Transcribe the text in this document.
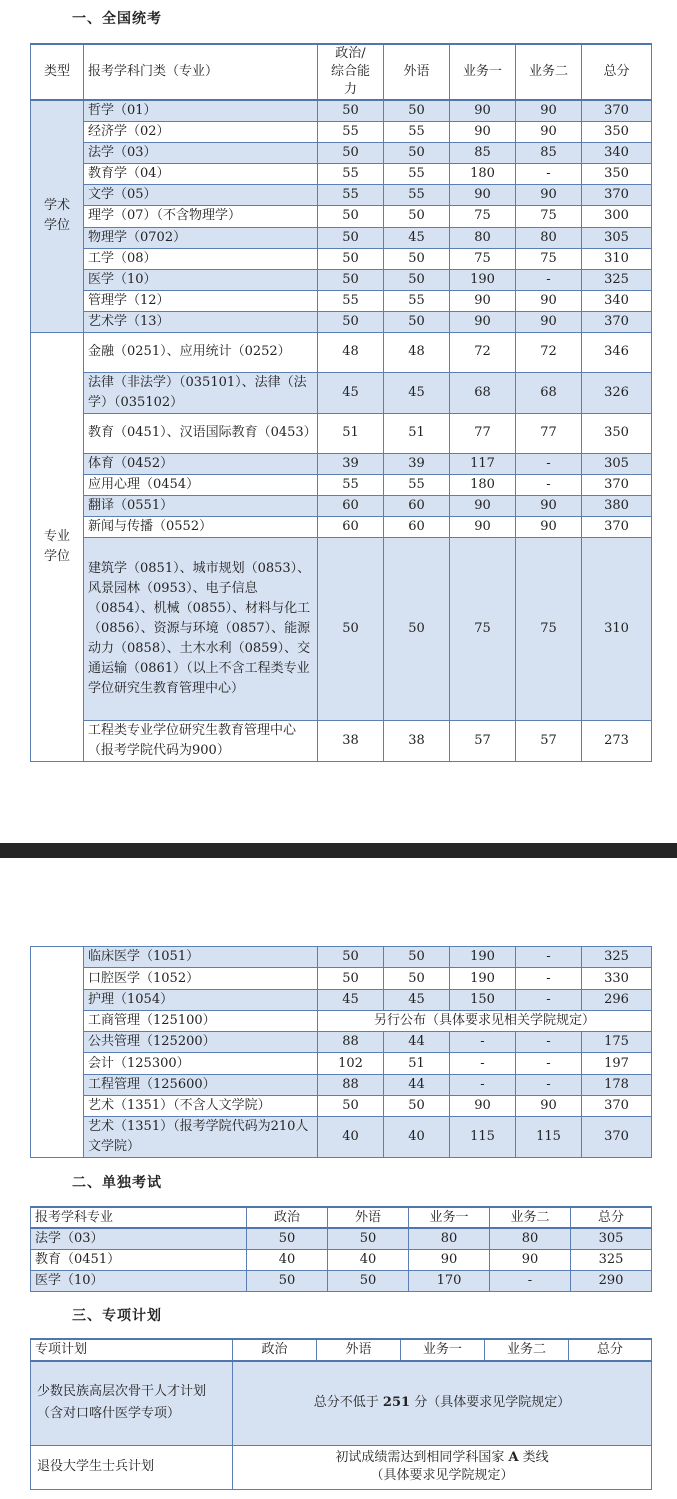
一、全国统考
类型	报考学科门类（专业）	政治/综合能力	外语	业务一	业务二	总分
学术学位	哲学（01）	50	50	90	90	370
	经济学（02）	55	55	90	90	350
	法学（03）	50	50	85	85	340
	教育学（04）	55	55	180	-	350
	文学（05）	55	55	90	90	370
	理学（07）（不含物理学）	50	50	75	75	300
	物理学（0702）	50	45	80	80	305
	工学（08）	50	50	75	75	310
	医学（10）	50	50	190	-	325
	管理学（12）	55	55	90	90	340
	艺术学（13）	50	50	90	90	370
专业学位	金融（0251）、应用统计（0252）	48	48	72	72	346
	法律（非法学）（035101）、法律（法学）（035102）	45	45	68	68	326
	教育（0451）、汉语国际教育（0453）	51	51	77	77	350
	体育（0452）	39	39	117	-	305
	应用心理（0454）	55	55	180	-	370
	翻译（0551）	60	60	90	90	380
	新闻与传播（0552）	60	60	90	90	370
	建筑学（0851）、城市规划（0853）、风景园林（0953）、电子信息（0854）、机械（0855）、材料与化工（0856）、资源与环境（0857）、能源动力（0858）、土木水利（0859）、交通运输（0861）（以上不含工程类专业学位研究生教育管理中心）	50	50	75	75	310
	工程类专业学位研究生教育管理中心（报考学院代码为900）	38	38	57	57	273
	临床医学（1051）	50	50	190	-	325
	口腔医学（1052）	50	50	190	-	330
	护理（1054）	45	45	150	-	296
	工商管理（125100）	另行公布（具体要求见相关学院规定）				
	公共管理（125200）	88	44	-	-	175
	会计（125300）	102	51	-	-	197
	工程管理（125600）	88	44	-	-	178
	艺术（1351）（不含人文学院）	50	50	90	90	370
	艺术（1351）（报考学院代码为210人文学院）	40	40	115	115	370
二、单独考试
报考学科专业	政治	外语	业务一	业务二	总分
法学（03）	50	50	80	80	305
教育（0451）	40	40	90	90	325
医学（10）	50	50	170	-	290
三、专项计划
专项计划	政治	外语	业务一	业务二	总分
少数民族高层次骨干人才计划（含对口喀什医学专项）	总分不低于 251 分（具体要求见学院规定）				
退役大学生士兵计划	初试成绩需达到相同学科国家 A 类线
（具体要求见学院规定）				
